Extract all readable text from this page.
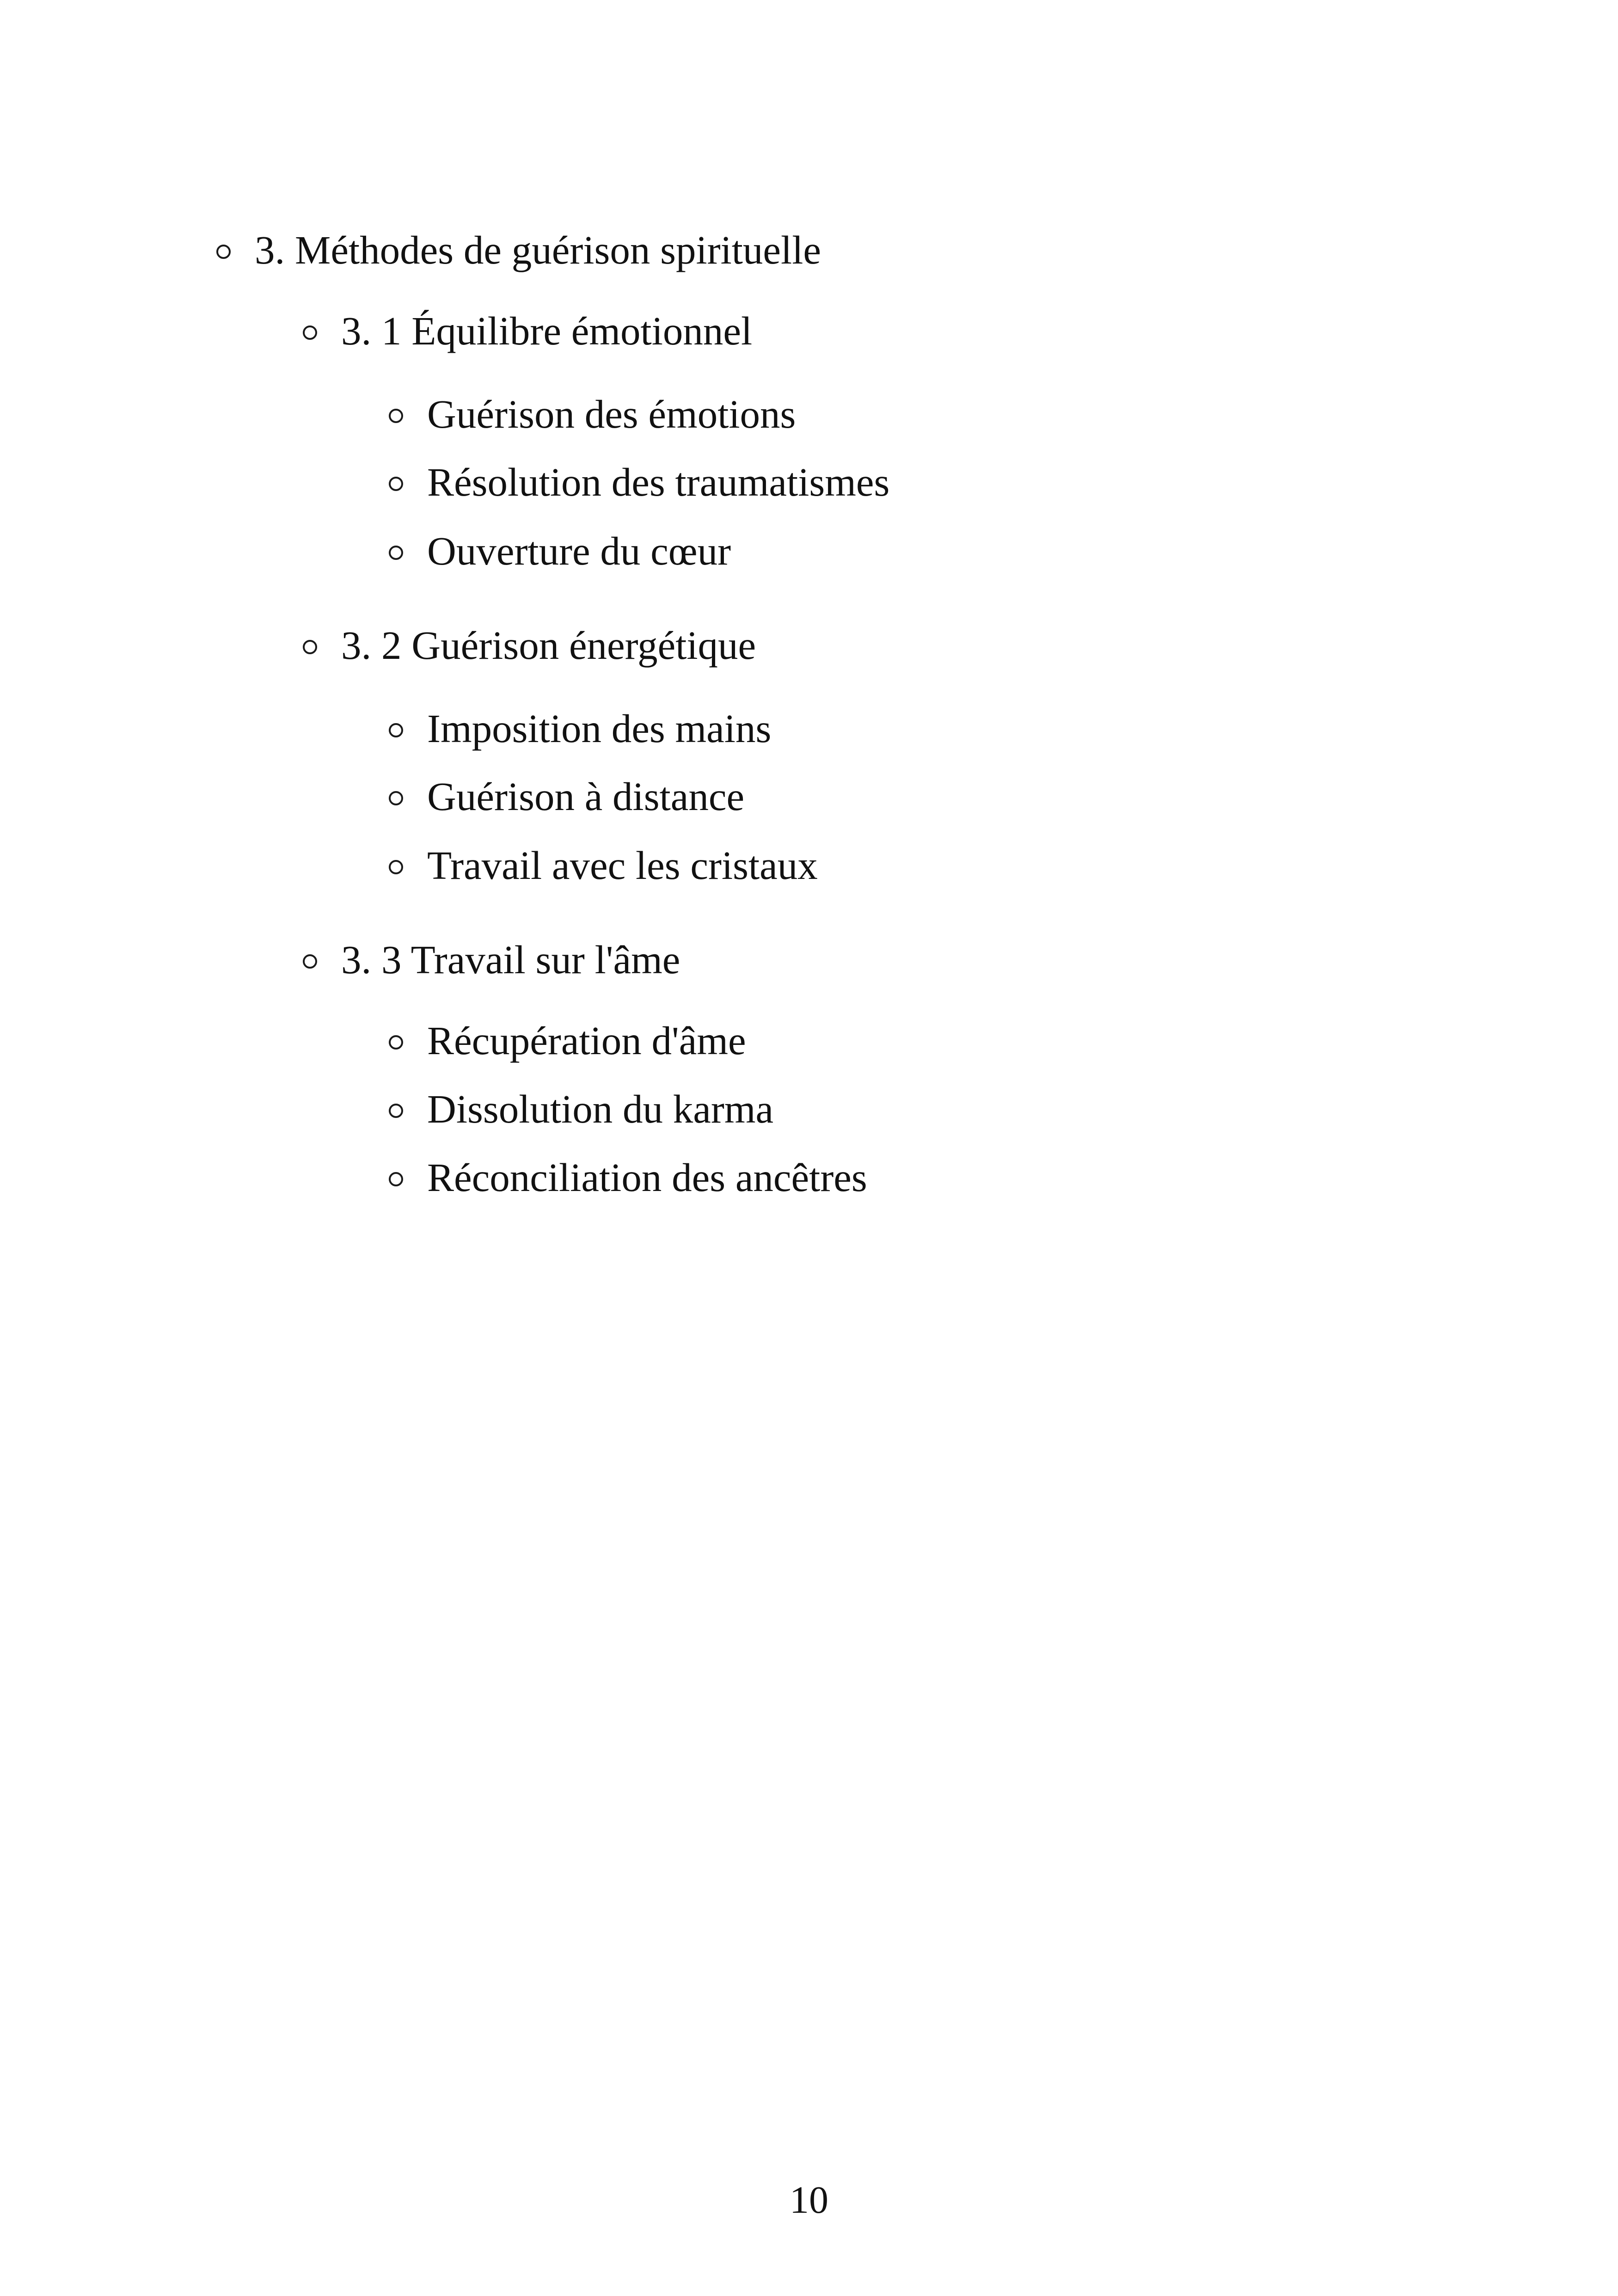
3. Méthodes de guérison spirituelle
3. 1 Équilibre émotionnel
Guérison des émotions
Résolution des traumatismes
Ouverture du cœur
3. 2 Guérison énergétique
Imposition des mains
Guérison à distance
Travail avec les cristaux
3. 3 Travail sur l'âme
Récupération d'âme
Dissolution du karma
Réconciliation des ancêtres
10
